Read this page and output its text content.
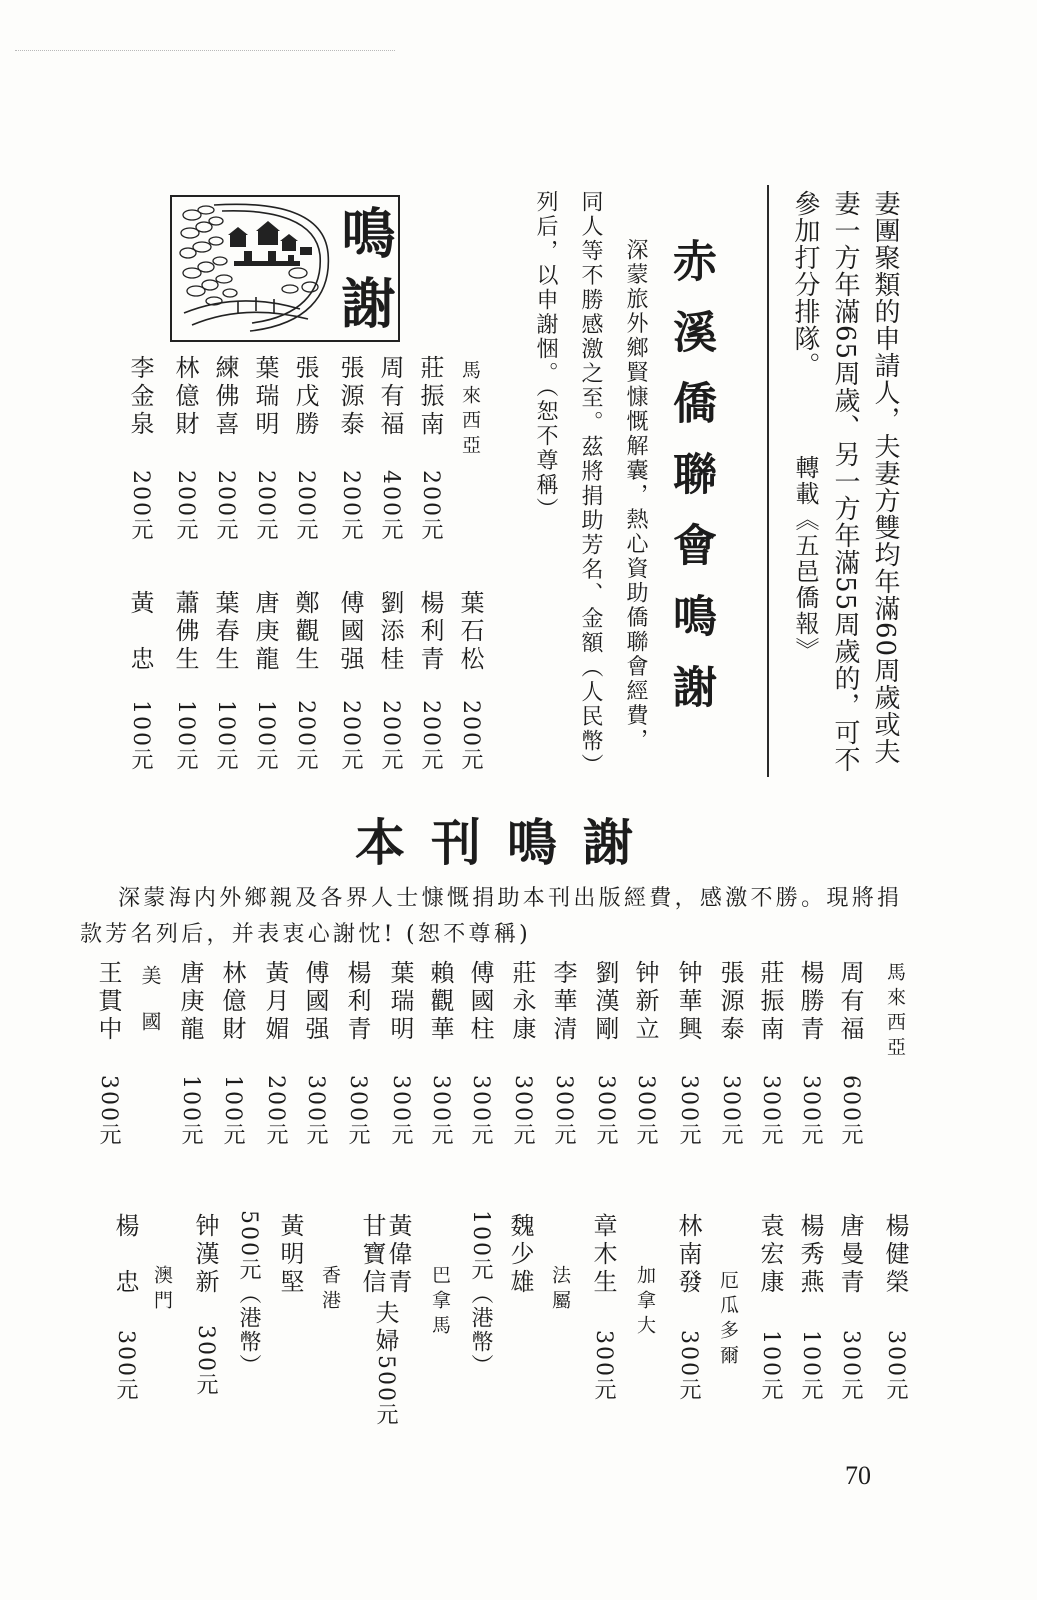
妻團聚類的申請人，夫妻方雙均年滿60周歲或夫

妻一方年滿65周歲、另一方年滿55周歲的，可不

參加打分排隊。

轉載《五邑僑報》

赤溪僑聯會鳴謝

深蒙旅外鄉賢慷慨解囊，熱心資助僑聯會經費，

同人等不勝感激之至。茲將捐助芳名、金額（人民幣）

列后，以申謝悃。（恕不尊稱）

鳴
謝
馬來西亞
莊振南
200元
周有福
400元
張源泰
200元
張戊勝
200元
葉瑞明
200元
練佛喜
200元
林億財
200元
李金泉
200元
葉石松
200元
楊利青
200元
劉添桂
200元
傅國强
200元
鄭觀生
200元
唐庚龍
100元
葉春生
100元
蕭佛生
100元
黃　忠
100元
本刊鳴謝

深蒙海内外鄉親及各界人士慷慨捐助本刊出版經費，感激不勝。現將捐

款芳名列后，并表衷心謝忱! (恕不尊稱)

馬來西亞
周有福
600元
楊勝青
300元
莊振南
300元
張源泰
300元
钟華興
300元
钟新立
300元
劉漢剛
300元
李華清
300元
莊永康
300元
傅國柱
300元
賴觀華
300元
葉瑞明
300元
楊利青
300元
傅國强
300元
黃月媚
200元
林億財
100元
唐庚龍
100元
美國
王貫中
300元
楊健榮
300元
唐曼青
300元
楊秀燕
100元
袁宏康
100元
厄瓜多爾
林南發
300元
加拿大
章木生
300元
法屬
魏少雄
100元（港幣）
巴拿馬
黃偉青
甘寶信
夫婦
500元
香港
黃明堅
500元（港幣）
钟漢新
300元
澳門
楊　忠
300元
70
